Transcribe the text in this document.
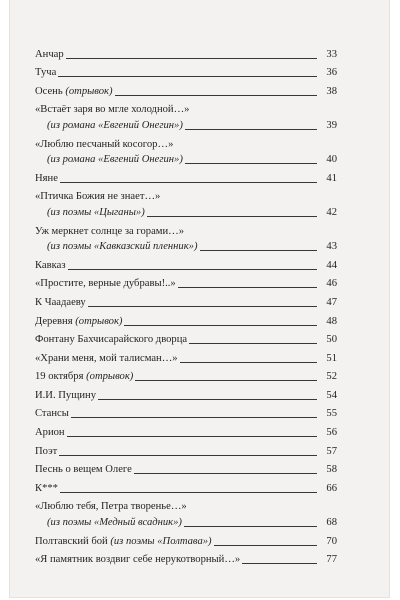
Анчар	33
Туча	36
Осень (отрывок)	38
«Встаёт заря во мгле холодной…»
(из романа «Евгений Онегин»)	39
«Люблю песчаный косогор…»
(из романа «Евгений Онегин»)	40
Няне	41
«Птичка Божия не знает…»
(из поэмы «Цыганы»)	42
Уж меркнет солнце за горами…»
(из поэмы «Кавказский пленник»)	43
Кавказ	44
«Простите, верные дубравы!..»	46
К Чаадаеву	47
Деревня (отрывок)	48
Фонтану Бахчисарайского дворца	50
«Храни меня, мой талисман…»	51
19 октября (отрывок)	52
И.И. Пущину	54
Стансы	55
Арион	56
Поэт	57
Песнь о вещем Олеге	58
К***	66
«Люблю тебя, Петра творенье…»
(из поэмы «Медный всадник»)	68
Полтавский бой (из поэмы «Полтава»)	70
«Я памятник воздвиг себе нерукотворный…»	77
